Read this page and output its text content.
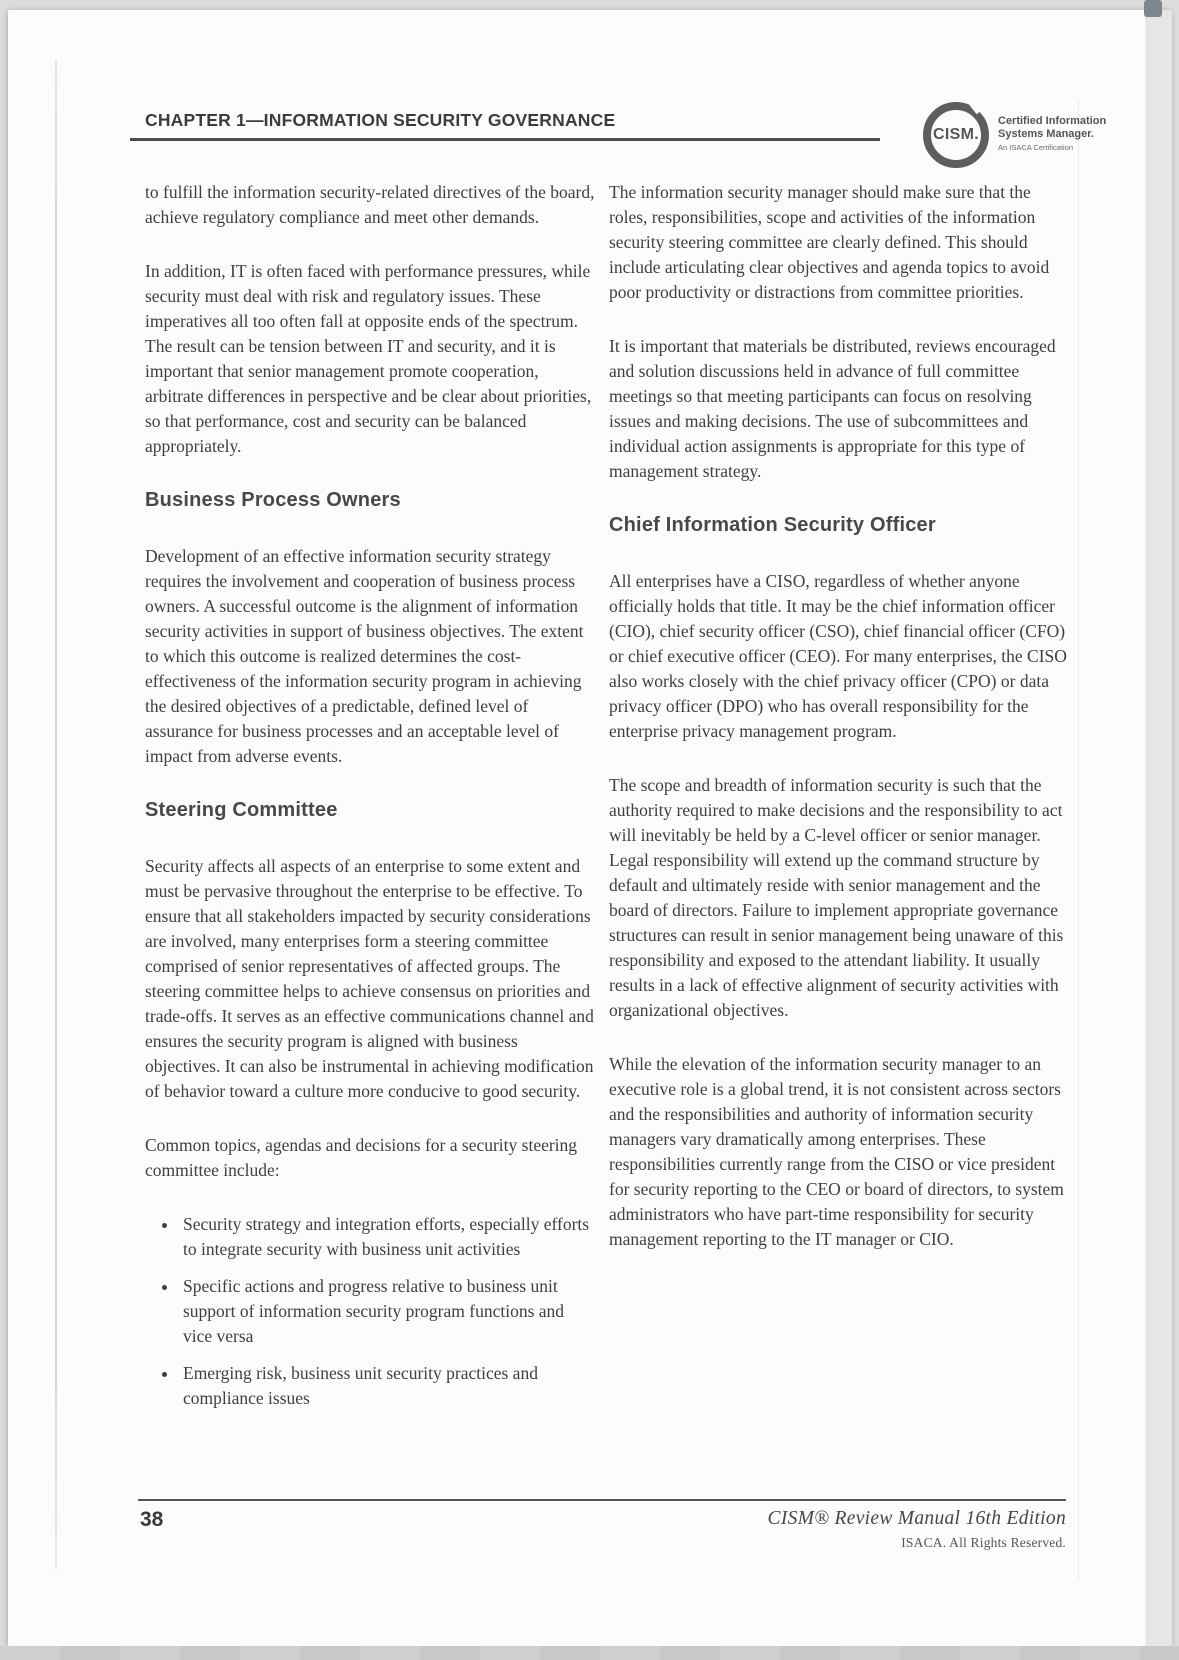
CHAPTER 1—INFORMATION SECURITY GOVERNANCE
CISM.
Certified Information
Systems Manager.
An ISACA Certification

to fulfill the information security-related directives of the board, achieve regulatory compliance and meet other demands.

In addition, IT is often faced with performance pressures, while security must deal with risk and regulatory issues. These imperatives all too often fall at opposite ends of the spectrum. The result can be tension between IT and security, and it is important that senior management promote cooperation, arbitrate differences in perspective and be clear about priorities, so that performance, cost and security can be balanced appropriately.

Business Process Owners

Development of an effective information security strategy requires the involvement and cooperation of business process owners. A successful outcome is the alignment of information security activities in support of business objectives. The extent to which this outcome is realized determines the cost-effectiveness of the information security program in achieving the desired objectives of a predictable, defined level of assurance for business processes and an acceptable level of impact from adverse events.

Steering Committee

Security affects all aspects of an enterprise to some extent and must be pervasive throughout the enterprise to be effective. To ensure that all stakeholders impacted by security considerations are involved, many enterprises form a steering committee comprised of senior representatives of affected groups. The steering committee helps to achieve consensus on priorities and trade-offs. It serves as an effective communications channel and ensures the security program is aligned with business objectives. It can also be instrumental in achieving modification of behavior toward a culture more conducive to good security.

Common topics, agendas and decisions for a security steering committee include:

• Security strategy and integration efforts, especially efforts to integrate security with business unit activities
• Specific actions and progress relative to business unit support of information security program functions and vice versa
• Emerging risk, business unit security practices and compliance issues

The information security manager should make sure that the roles, responsibilities, scope and activities of the information security steering committee are clearly defined. This should include articulating clear objectives and agenda topics to avoid poor productivity or distractions from committee priorities.

It is important that materials be distributed, reviews encouraged and solution discussions held in advance of full committee meetings so that meeting participants can focus on resolving issues and making decisions. The use of subcommittees and individual action assignments is appropriate for this type of management strategy.

Chief Information Security Officer

All enterprises have a CISO, regardless of whether anyone officially holds that title. It may be the chief information officer (CIO), chief security officer (CSO), chief financial officer (CFO) or chief executive officer (CEO). For many enterprises, the CISO also works closely with the chief privacy officer (CPO) or data privacy officer (DPO) who has overall responsibility for the enterprise privacy management program.

The scope and breadth of information security is such that the authority required to make decisions and the responsibility to act will inevitably be held by a C-level officer or senior manager. Legal responsibility will extend up the command structure by default and ultimately reside with senior management and the board of directors. Failure to implement appropriate governance structures can result in senior management being unaware of this responsibility and exposed to the attendant liability. It usually results in a lack of effective alignment of security activities with organizational objectives.

While the elevation of the information security manager to an executive role is a global trend, it is not consistent across sectors and the responsibilities and authority of information security managers vary dramatically among enterprises. These responsibilities currently range from the CISO or vice president for security reporting to the CEO or board of directors, to system administrators who have part-time responsibility for security management reporting to the IT manager or CIO.

38	CISM® Review Manual 16th Edition
ISACA. All Rights Reserved.
